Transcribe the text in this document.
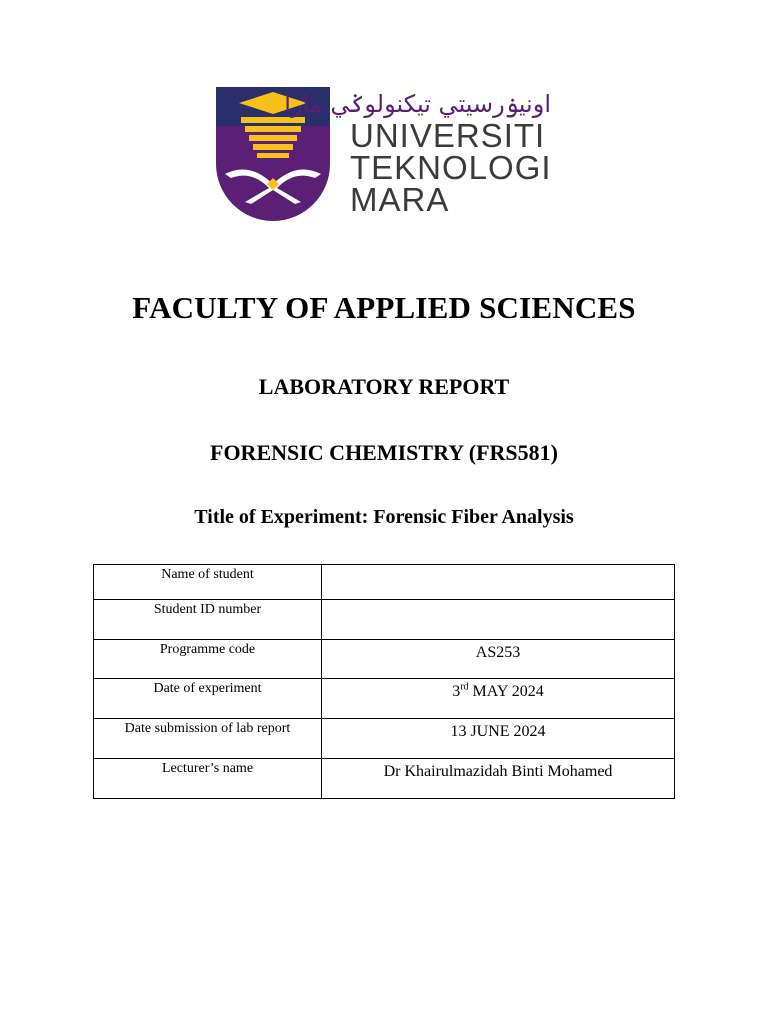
اونيۏرسيتي تيكنولوݢي مارا
UNIVERSITI
TEKNOLOGI
MARA
FACULTY OF APPLIED SCIENCES
LABORATORY REPORT
FORENSIC CHEMISTRY (FRS581)
Title of Experiment: Forensic Fiber Analysis
Name of student	
Student ID number	
Programme code	AS253
Date of experiment	3rd MAY 2024
Date submission of lab report	13 JUNE 2024
Lecturer’s name	Dr Khairulmazidah Binti Mohamed
